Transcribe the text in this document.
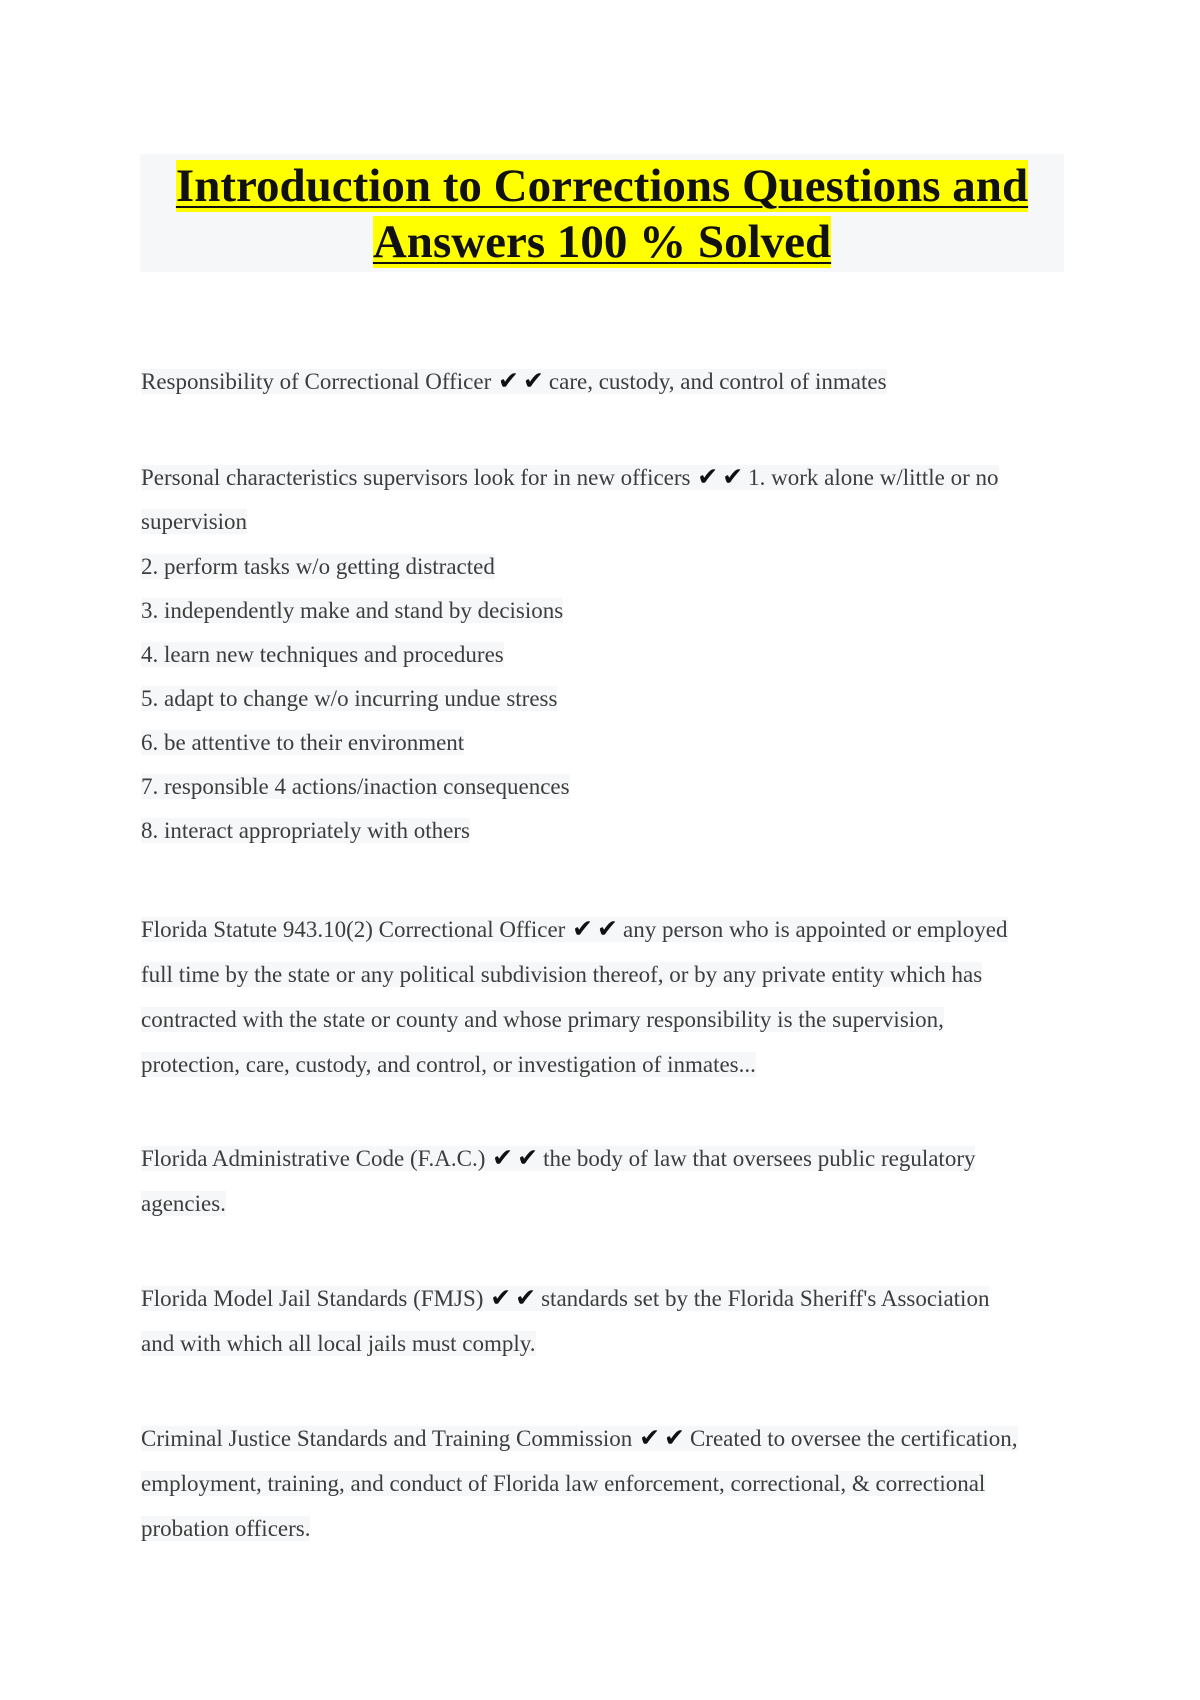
Introduction to Corrections Questions and
Answers 100 % Solved
Responsibility of Correctional Officer ✔✔care, custody, and control of inmates
Personal characteristics supervisors look for in new officers ✔✔1. work alone w/little or no
supervision
2. perform tasks w/o getting distracted
3. independently make and stand by decisions
4. learn new techniques and procedures
5. adapt to change w/o incurring undue stress
6. be attentive to their environment
7. responsible 4 actions/inaction consequences
8. interact appropriately with others
Florida Statute 943.10(2) Correctional Officer ✔✔any person who is appointed or employed
full time by the state or any political subdivision thereof, or by any private entity which has
contracted with the state or county and whose primary responsibility is the supervision,
protection, care, custody, and control, or investigation of inmates...
Florida Administrative Code (F.A.C.) ✔✔the body of law that oversees public regulatory
agencies.
Florida Model Jail Standards (FMJS) ✔✔standards set by the Florida Sheriff's Association
and with which all local jails must comply.
Criminal Justice Standards and Training Commission ✔✔Created to oversee the certification,
employment, training, and conduct of Florida law enforcement, correctional, & correctional
probation officers.
